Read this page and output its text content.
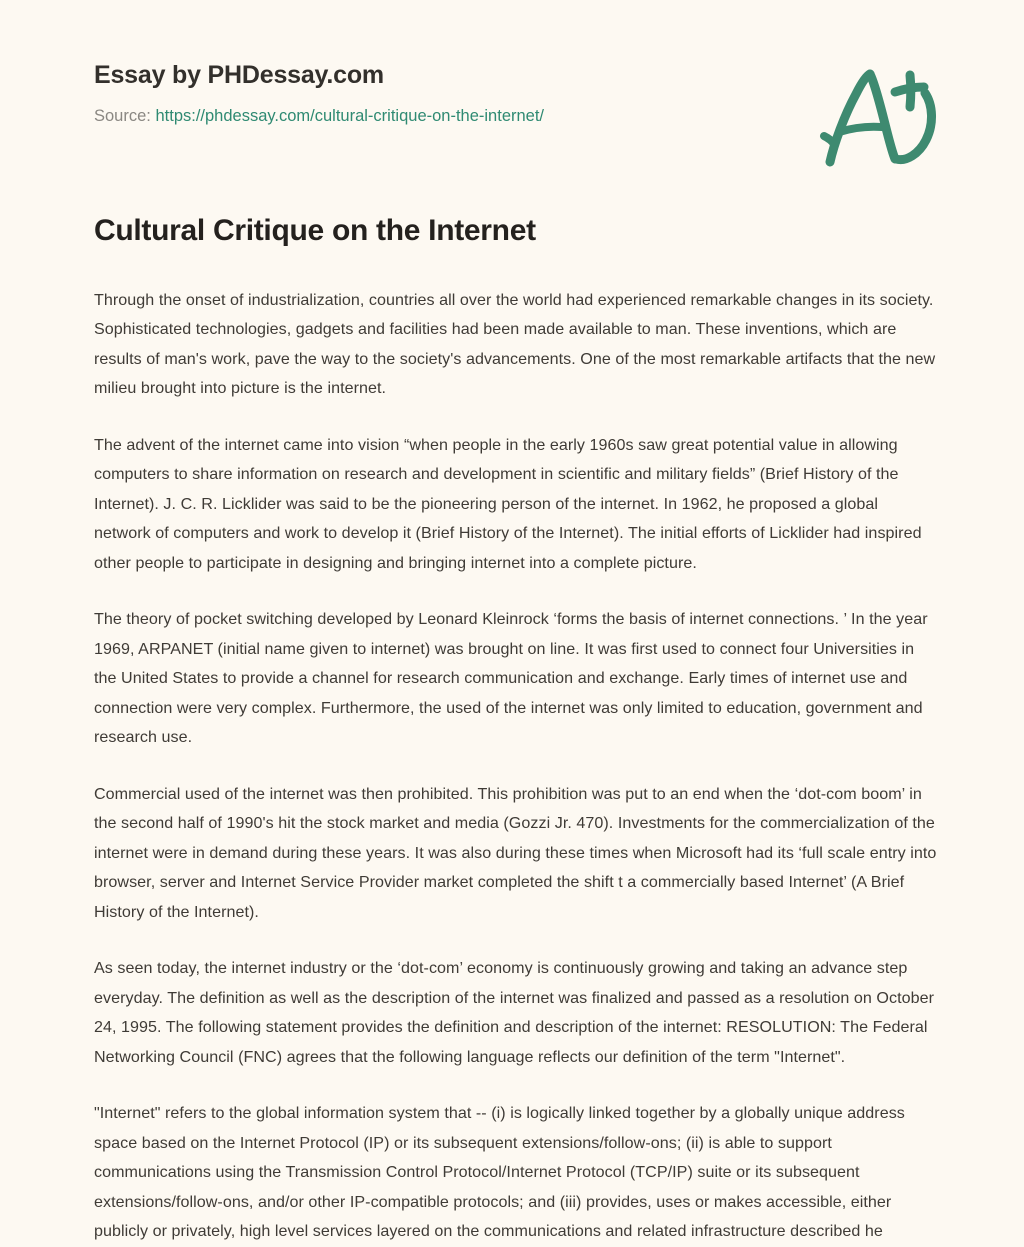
Essay by PHDessay.com
Source: https://phdessay.com/cultural-critique-on-the-internet/
Cultural Critique on the Internet

Through the onset of industrialization, countries all over the world had experienced remarkable changes in its society. Sophisticated technologies, gadgets and facilities had been made available to man. These inventions, which are results of man's work, pave the way to the society's advancements. One of the most remarkable artifacts that the new milieu brought into picture is the internet.

The advent of the internet came into vision “when people in the early 1960s saw great potential value in allowing computers to share information on research and development in scientific and military fields” (Brief History of the Internet). J. C. R. Licklider was said to be the pioneering person of the internet. In 1962, he proposed a global network of computers and work to develop it (Brief History of the Internet). The initial efforts of Licklider had inspired other people to participate in designing and bringing internet into a complete picture.

The theory of pocket switching developed by Leonard Kleinrock ‘forms the basis of internet connections. ’ In the year 1969, ARPANET (initial name given to internet) was brought on line. It was first used to connect four Universities in the United States to provide a channel for research communication and exchange. Early times of internet use and connection were very complex. Furthermore, the used of the internet was only limited to education, government and research use.

Commercial used of the internet was then prohibited. This prohibition was put to an end when the ‘dot-com boom’ in the second half of 1990's hit the stock market and media (Gozzi Jr. 470). Investments for the commercialization of the internet were in demand during these years. It was also during these times when Microsoft had its ‘full scale entry into browser, server and Internet Service Provider market completed the shift t a commercially based Internet’ (A Brief History of the Internet).

As seen today, the internet industry or the ‘dot-com’ economy is continuously growing and taking an advance step everyday. The definition as well as the description of the internet was finalized and passed as a resolution on October 24, 1995. The following statement provides the definition and description of the internet: RESOLUTION: The Federal Networking Council (FNC) agrees that the following language reflects our definition of the term "Internet".

"Internet" refers to the global information system that -- (i) is logically linked together by a globally unique address space based on the Internet Protocol (IP) or its subsequent extensions/follow-ons; (ii) is able to support communications using the Transmission Control Protocol/Internet Protocol (TCP/IP) suite or its subsequent extensions/follow-ons, and/or other IP-compatible protocols; and (iii) provides, uses or makes accessible, either publicly or privately, high level services layered on the communications and related infrastructure described he
